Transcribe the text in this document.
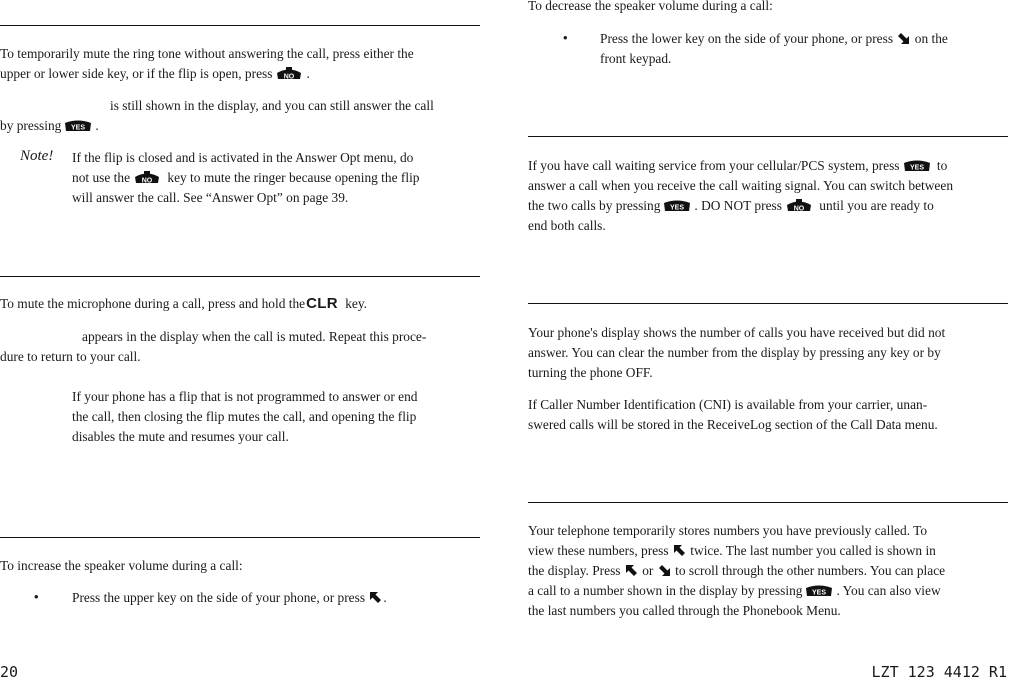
To temporarily mute the ring tone without answering the call, press either the

upper or lower side key, or if the flip is open, press NO .

is still shown in the display, and you can still answer the call

by pressing YES .

Note! If the flip is closed and is activated in the Answer Opt menu, do

not use the NO key to mute the ringer because opening the flip

will answer the call. See “Answer Opt” on page 39.

To mute the microphone during a call, press and hold theCLR key.

appears in the display when the call is muted. Repeat this proce-

dure to return to your call.

If your phone has a flip that is not programmed to answer or end

the call, then closing the flip mutes the call, and opening the flip

disables the mute and resumes your call.

To increase the speaker volume during a call:

• Press the upper key on the side of your phone, or press .

To decrease the speaker volume during a call:

• Press the lower key on the side of your phone, or press on the

front keypad.

If you have call waiting service from your cellular/PCS system, press YES to

answer a call when you receive the call waiting signal. You can switch between

the two calls by pressing YES . DO NOT press NO until you are ready to

end both calls.

Your phone's display shows the number of calls you have received but did not

answer. You can clear the number from the display by pressing any key or by

turning the phone OFF.

If Caller Number Identification (CNI) is available from your carrier, unan-

swered calls will be stored in the ReceiveLog section of the Call Data menu.

Your telephone temporarily stores numbers you have previously called. To

view these numbers, press twice. The last number you called is shown in

the display. Press or to scroll through the other numbers. You can place

a call to a number shown in the display by pressing YES . You can also view

the last numbers you called through the Phonebook Menu.

20	LZT 123 4412 R1
